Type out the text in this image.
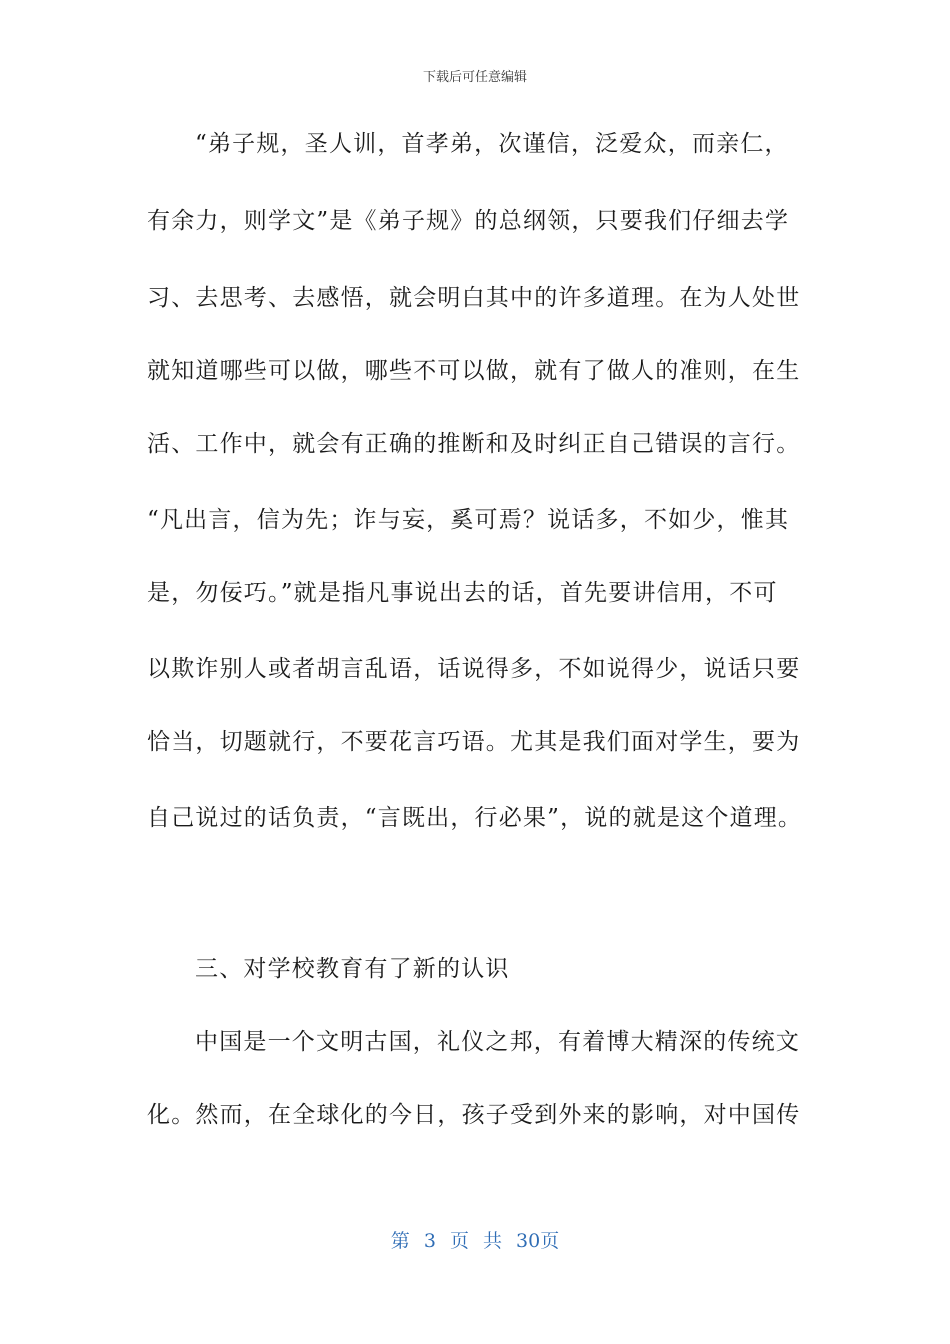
下载后可任意编辑
“弟子规，圣人训，首孝弟，次谨信，泛爱众，而亲仁，
有余力，则学文”是《弟子规》的总纲领，只要我们仔细去学
习、去思考、去感悟，就会明白其中的许多道理。在为人处世
就知道哪些可以做，哪些不可以做，就有了做人的准则，在生
活、工作中，就会有正确的推断和及时纠正自己错误的言行。
“凡出言，信为先；诈与妄，奚可焉？说话多，不如少，惟其
是，勿佞巧。”就是指凡事说出去的话，首先要讲信用，不可
以欺诈别人或者胡言乱语，话说得多，不如说得少，说话只要
恰当，切题就行，不要花言巧语。尤其是我们面对学生，要为
自己说过的话负责，“言既出，行必果”，说的就是这个道理。
三、对学校教育有了新的认识
中国是一个文明古国，礼仪之邦，有着博大精深的传统文
化。然而，在全球化的今日，孩子受到外来的影响，对中国传
第 3 页 共 30页
